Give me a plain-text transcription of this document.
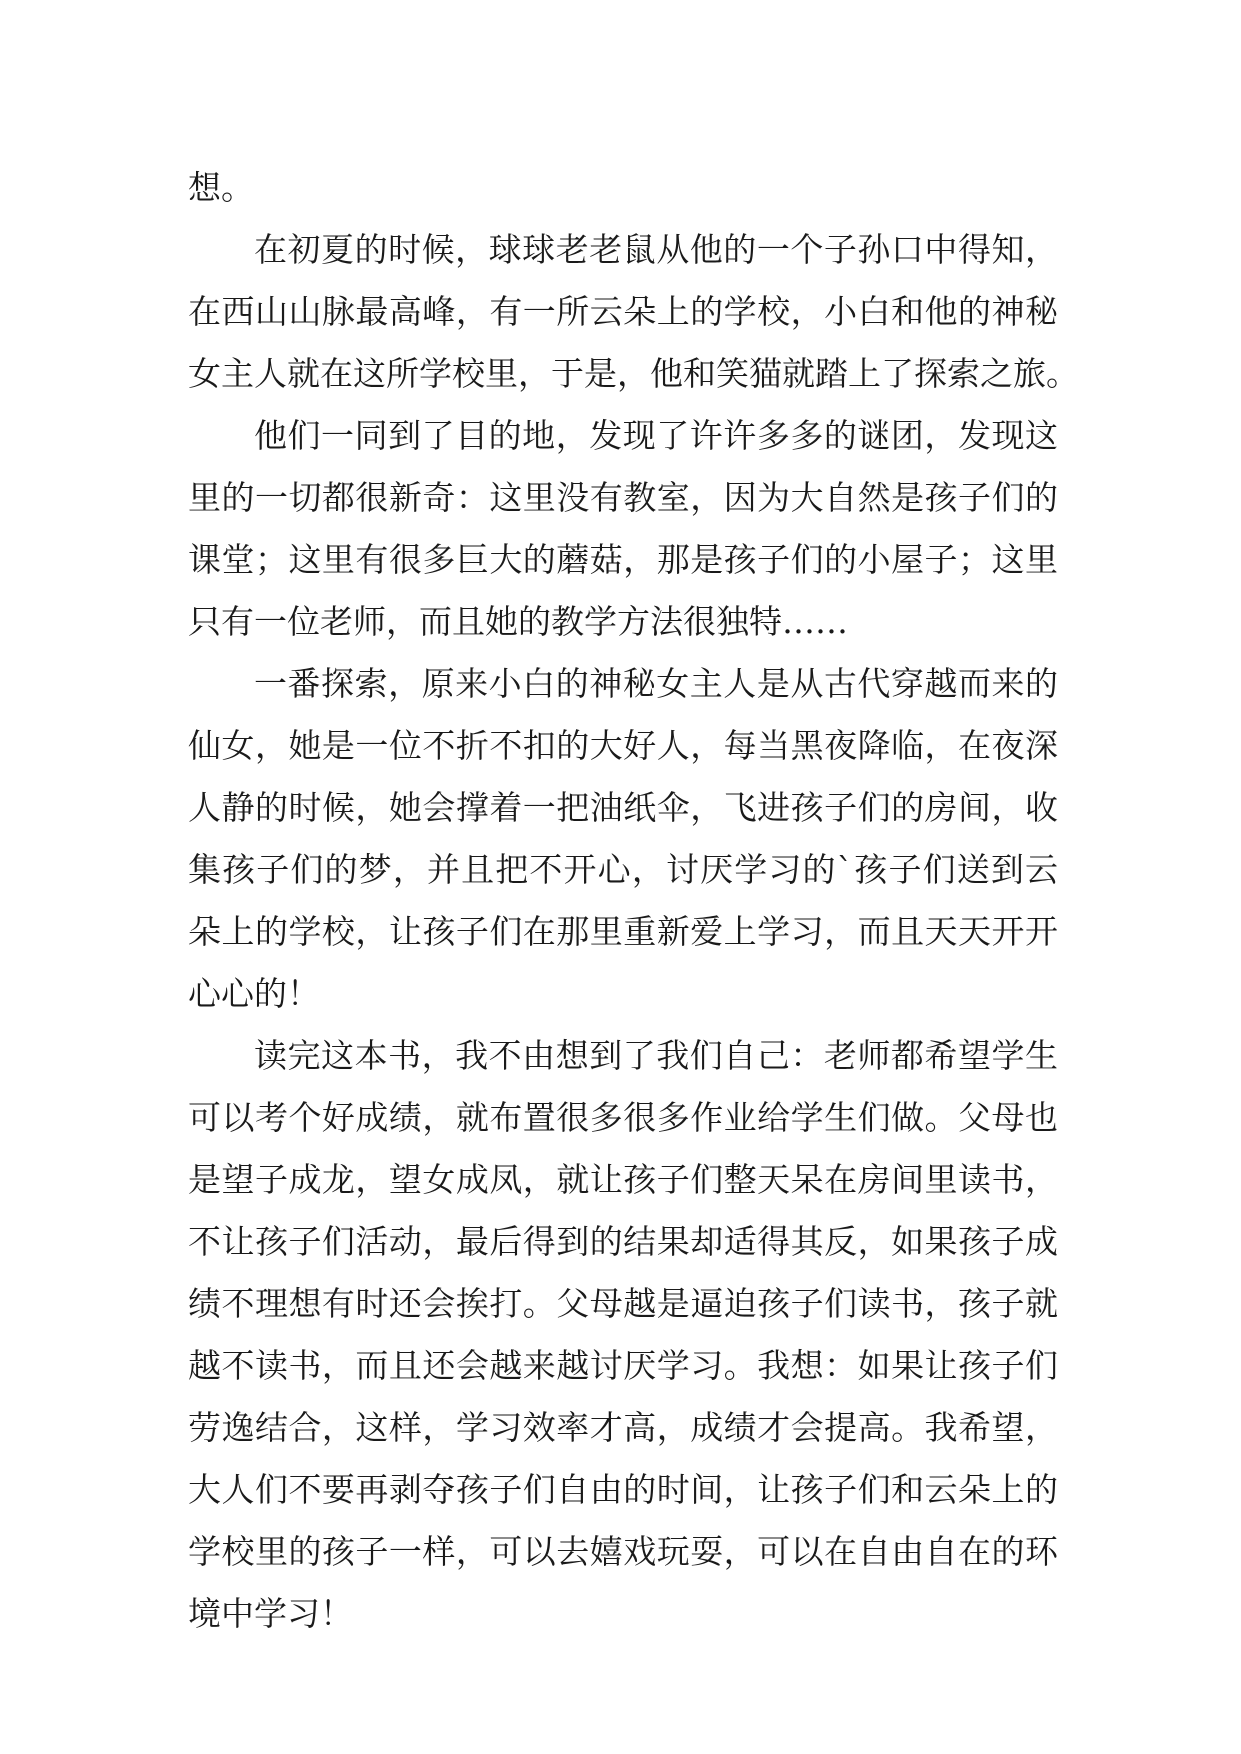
想。
在初夏的时候，球球老老鼠从他的一个子孙口中得知，
在西山山脉最高峰，有一所云朵上的学校，小白和他的神秘
女主人就在这所学校里，于是，他和笑猫就踏上了探索之旅。
他们一同到了目的地，发现了许许多多的谜团，发现这
里的一切都很新奇：这里没有教室，因为大自然是孩子们的
课堂；这里有很多巨大的蘑菇，那是孩子们的小屋子；这里
只有一位老师，而且她的教学方法很独特……
一番探索，原来小白的神秘女主人是从古代穿越而来的
仙女，她是一位不折不扣的大好人，每当黑夜降临，在夜深
人静的时候，她会撑着一把油纸伞，飞进孩子们的房间，收
集孩子们的梦，并且把不开心，讨厌学习的`孩子们送到云
朵上的学校，让孩子们在那里重新爱上学习，而且天天开开
心心的！
读完这本书，我不由想到了我们自己：老师都希望学生
可以考个好成绩，就布置很多很多作业给学生们做。父母也
是望子成龙，望女成凤，就让孩子们整天呆在房间里读书，
不让孩子们活动，最后得到的结果却适得其反，如果孩子成
绩不理想有时还会挨打。父母越是逼迫孩子们读书，孩子就
越不读书，而且还会越来越讨厌学习。我想：如果让孩子们
劳逸结合，这样，学习效率才高，成绩才会提高。我希望，
大人们不要再剥夺孩子们自由的时间，让孩子们和云朵上的
学校里的孩子一样，可以去嬉戏玩耍，可以在自由自在的环
境中学习！
